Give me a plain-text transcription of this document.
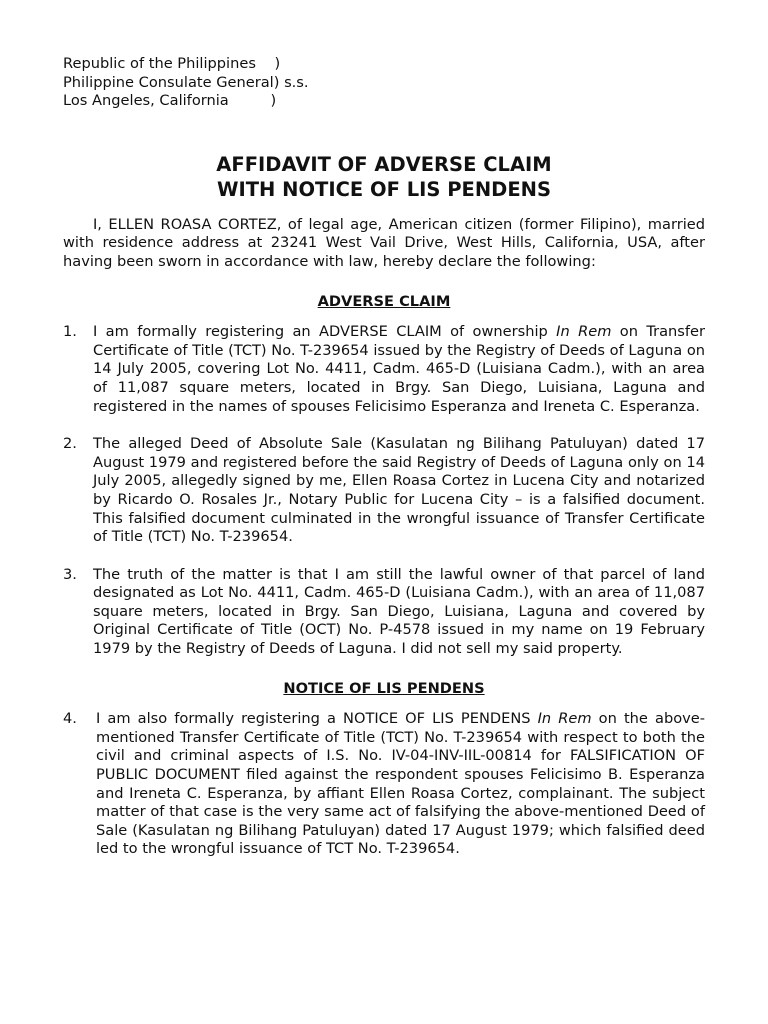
Republic of the Philippines    )
Philippine Consulate General) s.s.
Los Angeles, California         )
AFFIDAVIT OF ADVERSE CLAIM
WITH NOTICE OF LIS PENDENS

I, ELLEN ROASA CORTEZ, of legal age, American citizen (former Filipino), married with residence address at 23241 West Vail Drive, West Hills, California, USA, after having been sworn in accordance with law, hereby declare the following:

ADVERSE CLAIM
1.	I am formally registering an ADVERSE CLAIM of ownership In Rem on Transfer Certificate of Title (TCT) No. T-239654 issued by the Registry of Deeds of Laguna on 14 July 2005, covering Lot No. 4411, Cadm. 465-D (Luisiana Cadm.), with an area of 11,087 square meters, located in Brgy. San Diego, Luisiana, Laguna and registered in the names of spouses Felicisimo Esperanza and Ireneta C. Esperanza.
2.	The alleged Deed of Absolute Sale (Kasulatan ng Bilihang Patuluyan) dated 17 August 1979 and registered before the said Registry of Deeds of Laguna only on 14 July 2005, allegedly signed by me, Ellen Roasa Cortez in Lucena City and notarized by Ricardo O. Rosales Jr., Notary Public for Lucena City – is a falsified document. This falsified document culminated in the wrongful issuance of Transfer Certificate of Title (TCT) No. T-239654.
3.	The truth of the matter is that I am still the lawful owner of that parcel of land designated as Lot No. 4411, Cadm. 465-D (Luisiana Cadm.), with an area of 11,087 square meters, located in Brgy. San Diego, Luisiana, Laguna and covered by Original Certificate of Title (OCT) No. P-4578 issued in my name on 19 February 1979 by the Registry of Deeds of Laguna. I did not sell my said property.
NOTICE OF LIS PENDENS
4.	I am also formally registering a NOTICE OF LIS PENDENS In Rem on the above-mentioned Transfer Certificate of Title (TCT) No. T-239654 with respect to both the civil and criminal aspects of I.S. No. IV-04-INV-IIL-00814 for FALSIFICATION OF PUBLIC DOCUMENT filed against the respondent spouses Felicisimo B. Esperanza and Ireneta C. Esperanza, by affiant Ellen Roasa Cortez, complainant. The subject matter of that case is the very same act of falsifying the above-mentioned Deed of Sale (Kasulatan ng Bilihang Patuluyan) dated 17 August 1979; which falsified deed led to the wrongful issuance of TCT No. T-239654.
